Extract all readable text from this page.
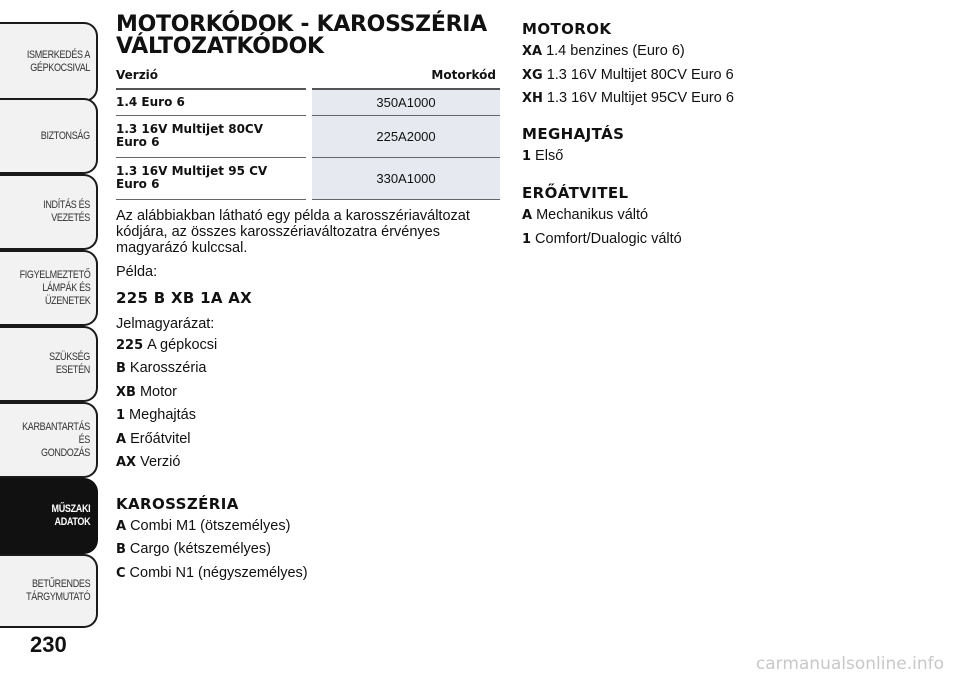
ISMERKEDÉS A
GÉPKOCSIVAL
BIZTONSÁG
INDÍTÁS ÉS VEZETÉS
FIGYELMEZTETŐ
LÁMPÁK ÉS
ÜZENETEK
SZÜKSÉG ESETÉN
KARBANTARTÁS ÉS
GONDOZÁS
MŰSZAKI
ADATOK
BETŰRENDES
TÁRGYMUTATÓ
230
MOTORKÓDOK - KAROSSZÉRIA
VÁLTOZATKÓDOK
Verzió	Motorkód
1.4 Euro 6	350A1000
1.3 16V Multijet 80CV
Euro 6	225A2000
1.3 16V Multijet 95 CV
Euro 6	330A1000

Az alábbiakban látható egy példa a karosszériaváltozat kódjára, az összes karosszériaváltozatra érvényes magyarázó kulccsal.

Példa:

225 B XB 1A AX

Jelmagyarázat:

225 A gépkocsi
B Karosszéria
XB Motor
1 Meghajtás
A Erőátvitel
AX Verzió
KAROSSZÉRIA
A Combi M1 (ötszemélyes)
B Cargo (kétszemélyes)
C Combi N1 (négyszemélyes)
MOTOROK
XA 1.4 benzines (Euro 6)
XG 1.3 16V Multijet 80CV Euro 6
XH 1.3 16V Multijet 95CV Euro 6
MEGHAJTÁS
1 Első
ERŐÁTVITEL
A Mechanikus váltó
1 Comfort/Dualogic váltó
carmanualsonline.info
